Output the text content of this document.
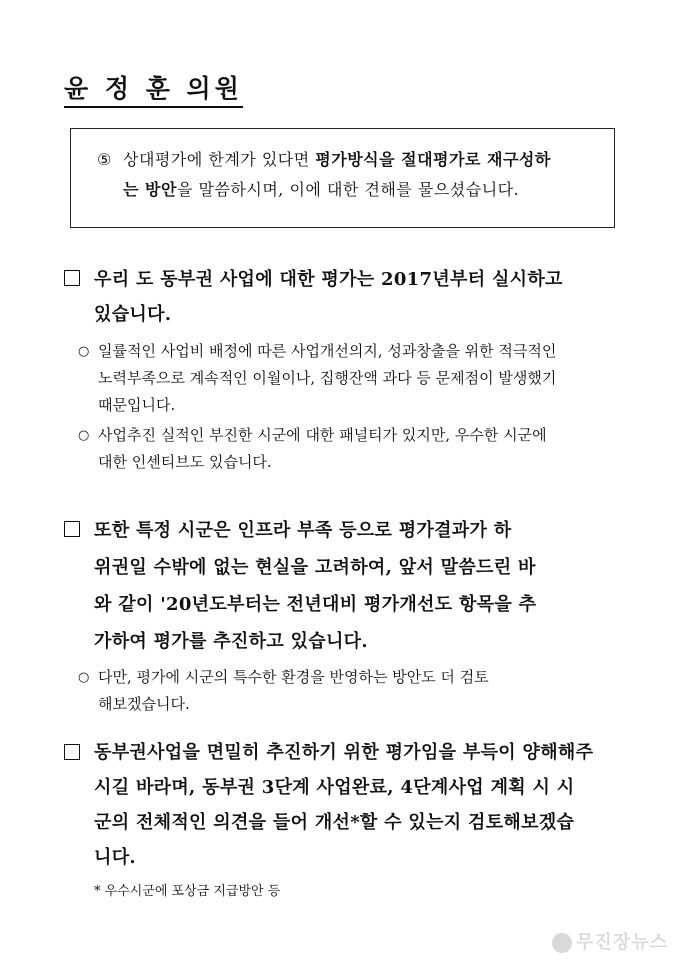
윤 정 훈 의원
⑤ 상대평가에 한계가 있다면 평가방식을 절대평가로 재구성하
는 방안을 말씀하시며, 이에 대한 견해를 물으셨습니다.
우리 도 동부권 사업에 대한 평가는 2017년부터 실시하고
있습니다.
○ 일률적인 사업비 배정에 따른 사업개선의지, 성과창출을 위한 적극적인
노력부족으로 계속적인 이월이나, 집행잔액 과다 등 문제점이 발생했기
때문입니다.
○ 사업추진 실적인 부진한 시군에 대한 패널티가 있지만, 우수한 시군에
대한 인센티브도 있습니다.
또한 특정 시군은 인프라 부족 등으로 평가결과가 하
위권일 수밖에 없는 현실을 고려하여, 앞서 말씀드린 바
와 같이 '20년도부터는 전년대비 평가개선도 항목을 추
가하여 평가를 추진하고 있습니다.
○ 다만, 평가에 시군의 특수한 환경을 반영하는 방안도 더 검토
해보겠습니다.
동부권사업을 면밀히 추진하기 위한 평가임을 부득이 양해해주
시길 바라며, 동부권 3단계 사업완료, 4단계사업 계획 시 시
군의 전체적인 의견을 들어 개선*할 수 있는지 검토해보겠습
니다.
* 우수시군에 포상금 지급방안 등
무진장뉴스
